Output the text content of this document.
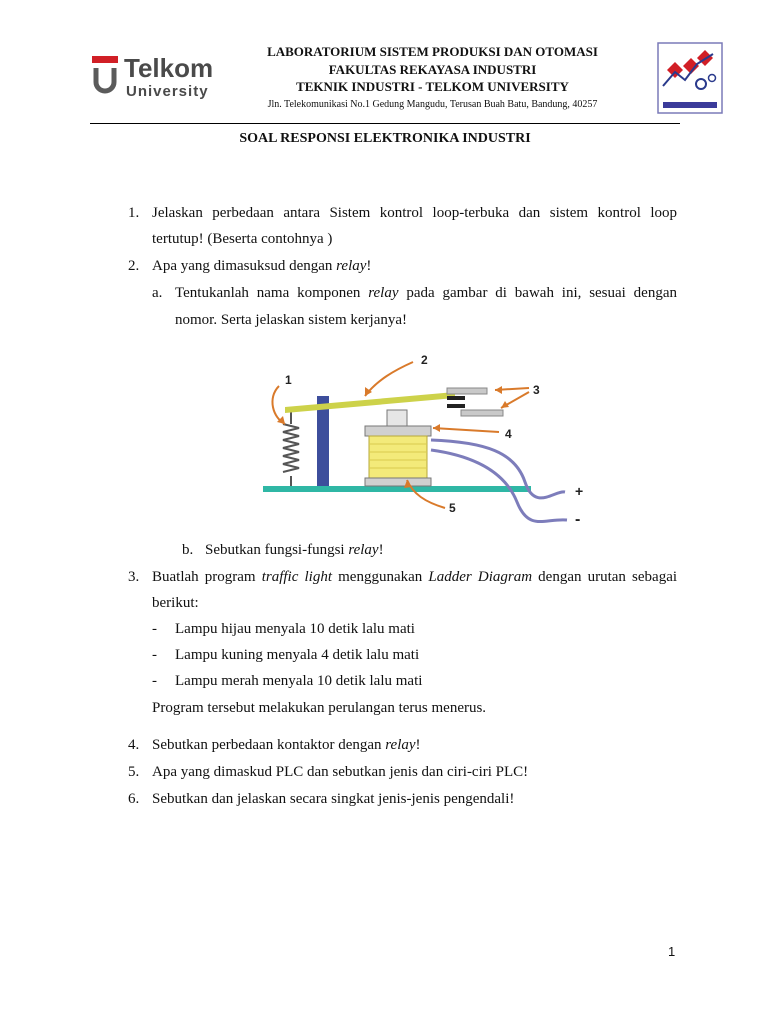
Telkom
University
LABORATORIUM SISTEM PRODUKSI DAN OTOMASI
FAKULTAS REKAYASA INDUSTRI
TEKNIK INDUSTRI - TELKOM UNIVERSITY
Jln. Telekomunikasi No.1 Gedung Mangudu, Terusan Buah Batu, Bandung, 40257
SOAL RESPONSI ELEKTRONIKA INDUSTRI
1. Jelaskan perbedaan antara Sistem kontrol loop-terbuka dan sistem kontrol loop
tertutup! (Beserta contohnya )
2. Apa yang dimasuksud dengan relay!
a. Tentukanlah nama komponen relay pada gambar di bawah ini, sesuai dengan
nomor. Serta jelaskan sistem kerjanya!
1
2
3
4
5
+
-
b. Sebutkan fungsi-fungsi relay!
3. Buatlah program traffic light menggunakan Ladder Diagram dengan urutan sebagai
berikut:
- Lampu hijau menyala 10 detik lalu mati
- Lampu kuning menyala 4 detik lalu mati
- Lampu merah menyala 10 detik lalu mati
Program tersebut melakukan perulangan terus menerus.
4. Sebutkan perbedaan kontaktor dengan relay!
5. Apa yang dimaskud PLC dan sebutkan jenis dan ciri-ciri PLC!
6. Sebutkan dan jelaskan secara singkat jenis-jenis pengendali!
1
